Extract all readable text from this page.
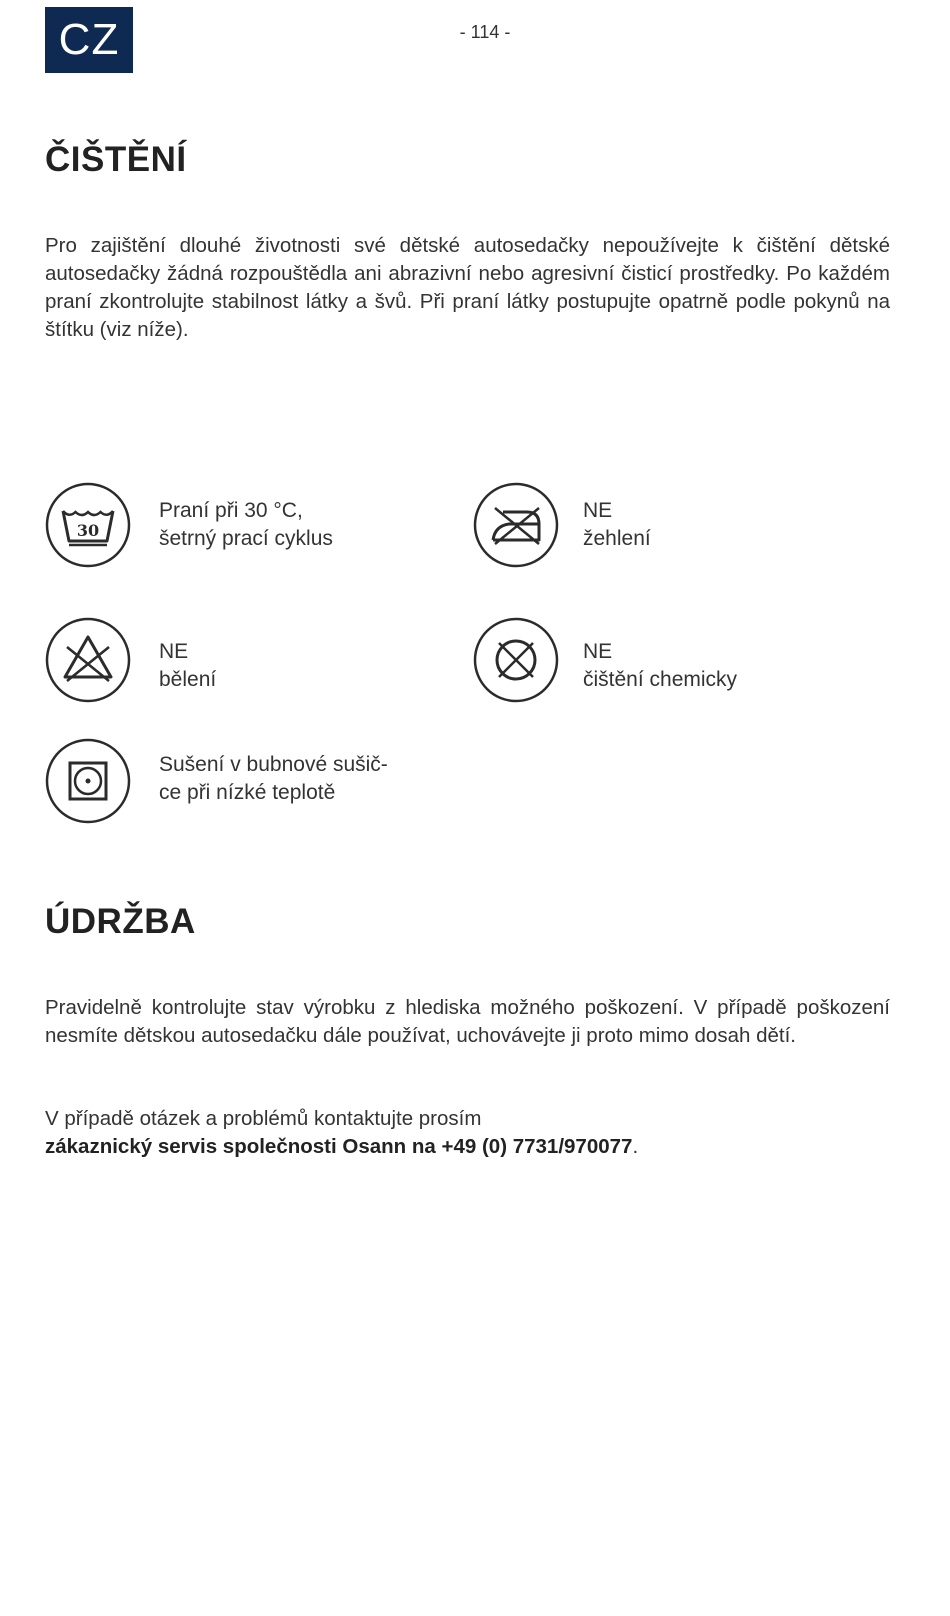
CZ	- 114 -
ČIŠTĚNÍ

Pro zajištění dlouhé životnosti své dětské autosedačky nepoužívejte k čištění dětské autosedačky žádná rozpouštědla ani abrazivní nebo agresivní čisticí prostředky. Po každém praní zkontrolujte stabilnost látky a švů. Při praní látky postupujte opatrně podle pokynů na štítku (viz níže).

30
Praní při 30 °C,
šetrný prací cyklus
NE
žehlení
NE
bělení
NE
čištění chemicky
Sušení v bubnové sušič-
ce při nízké teplotě
ÚDRŽBA

Pravidelně kontrolujte stav výrobku z hlediska možného poškození. V případě poškození nesmíte dětskou autosedačku dále používat, uchovávejte ji proto mimo dosah dětí.

V případě otázek a problémů kontaktujte prosím
zákaznický servis společnosti Osann na +49 (0) 7731/970077.
